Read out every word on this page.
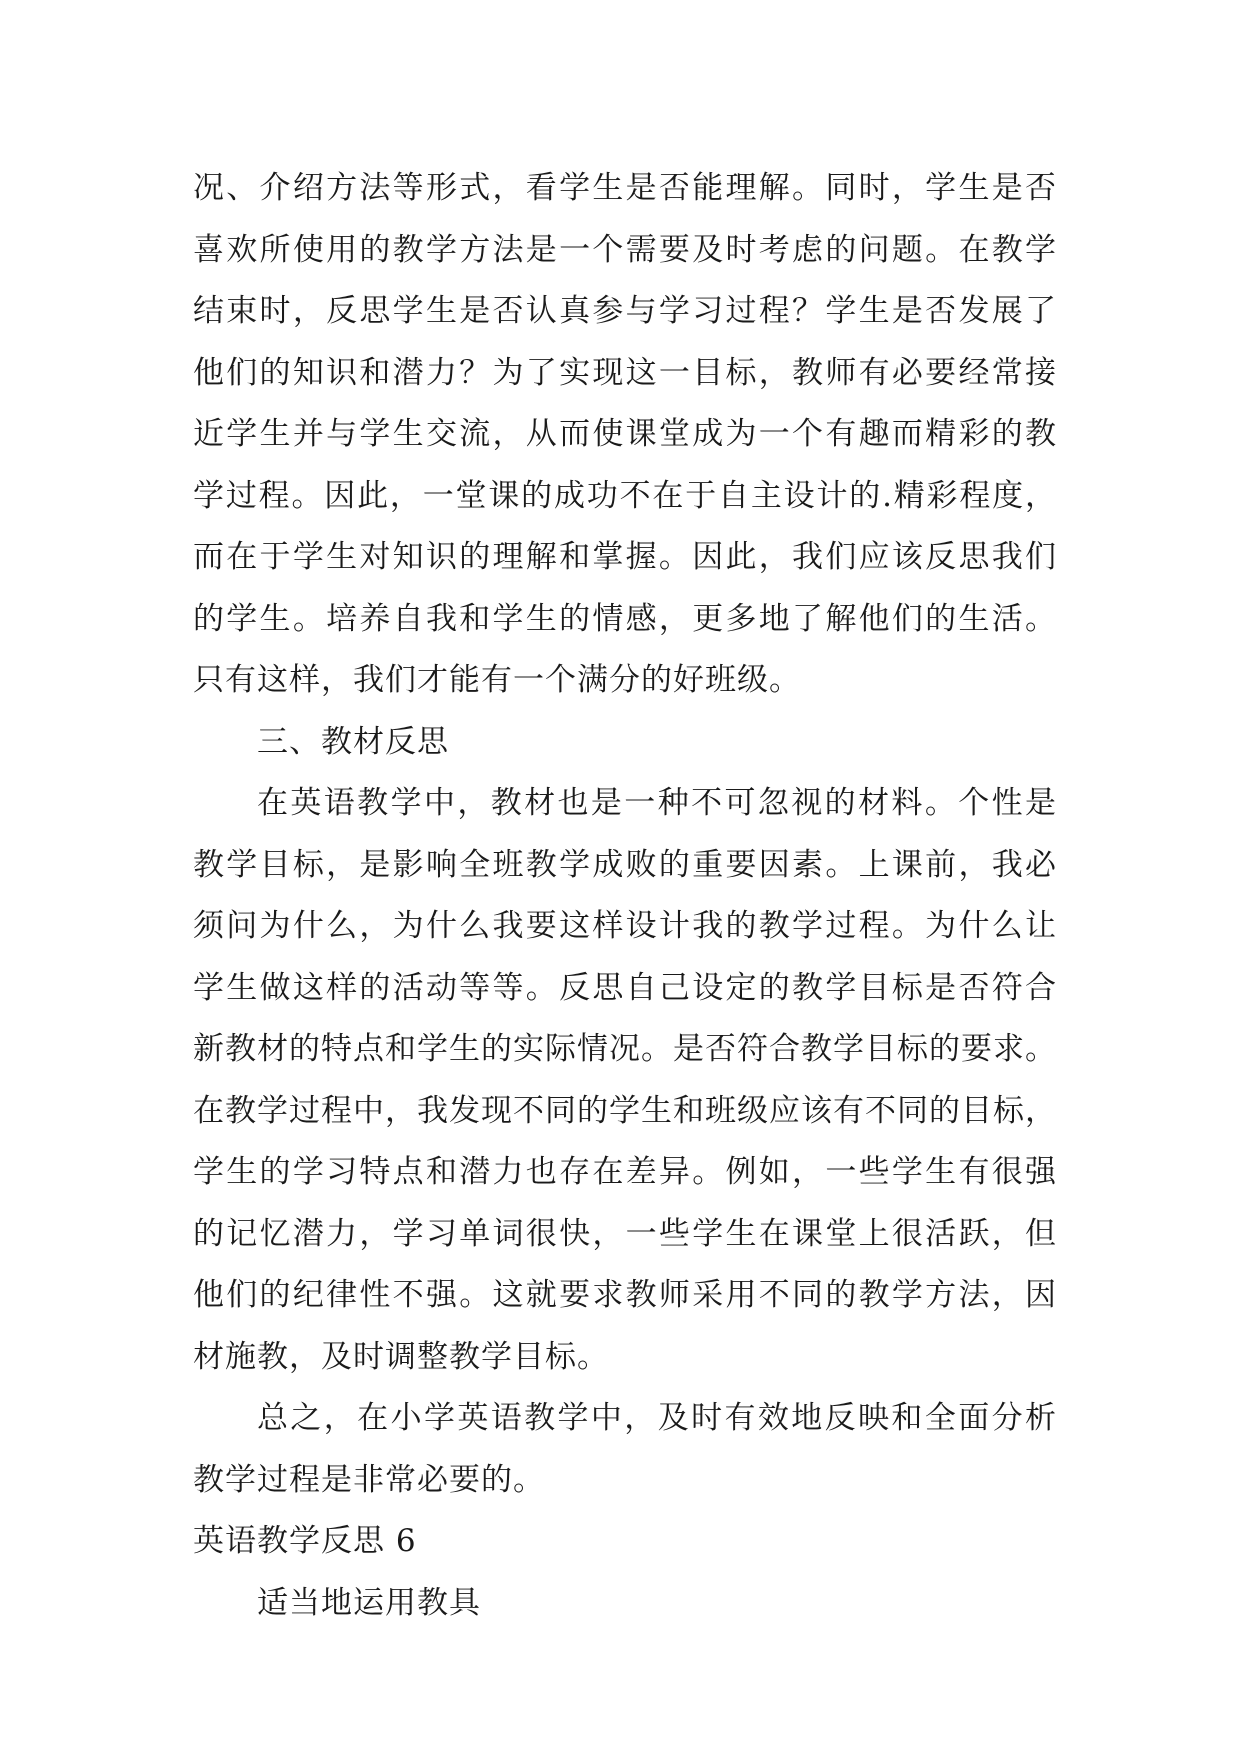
况、介绍方法等形式，看学生是否能理解。同时，学生是否
喜欢所使用的教学方法是一个需要及时考虑的问题。在教学
结束时，反思学生是否认真参与学习过程？学生是否发展了
他们的知识和潜力？为了实现这一目标，教师有必要经常接
近学生并与学生交流，从而使课堂成为一个有趣而精彩的教
学过程。因此，一堂课的成功不在于自主设计的.精彩程度，
而在于学生对知识的理解和掌握。因此，我们应该反思我们
的学生。培养自我和学生的情感，更多地了解他们的生活。
只有这样，我们才能有一个满分的好班级。
三、教材反思
在英语教学中，教材也是一种不可忽视的材料。个性是
教学目标，是影响全班教学成败的重要因素。上课前，我必
须问为什么，为什么我要这样设计我的教学过程。为什么让
学生做这样的活动等等。反思自己设定的教学目标是否符合
新教材的特点和学生的实际情况。是否符合教学目标的要求。
在教学过程中，我发现不同的学生和班级应该有不同的目标，
学生的学习特点和潜力也存在差异。例如，一些学生有很强
的记忆潜力，学习单词很快，一些学生在课堂上很活跃，但
他们的纪律性不强。这就要求教师采用不同的教学方法，因
材施教，及时调整教学目标。
总之，在小学英语教学中，及时有效地反映和全面分析
教学过程是非常必要的。
英语教学反思 6
适当地运用教具
